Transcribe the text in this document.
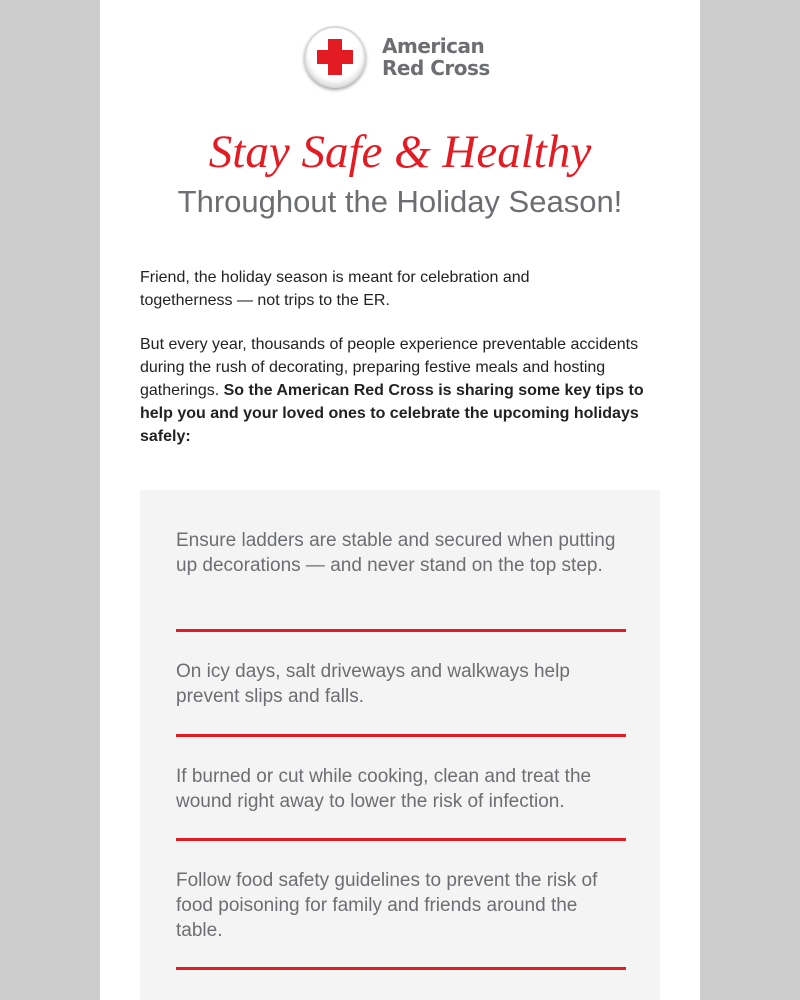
American
Red Cross
Stay Safe & Healthy
Throughout the Holiday Season!

Friend, the holiday season is meant for celebration and togetherness — not trips to the ER.

But every year, thousands of people experience preventable accidents during the rush of decorating, preparing festive meals and hosting gatherings. So the American Red Cross is sharing some key tips to help you and your loved ones to celebrate the upcoming holidays safely:

Ensure ladders are stable and secured when putting up decorations — and never stand on the top step.
On icy days, salt driveways and walkways help prevent slips and falls.
If burned or cut while cooking, clean and treat the wound right away to lower the risk of infection.
Follow food safety guidelines to prevent the risk of food poisoning for family and friends around the table.
